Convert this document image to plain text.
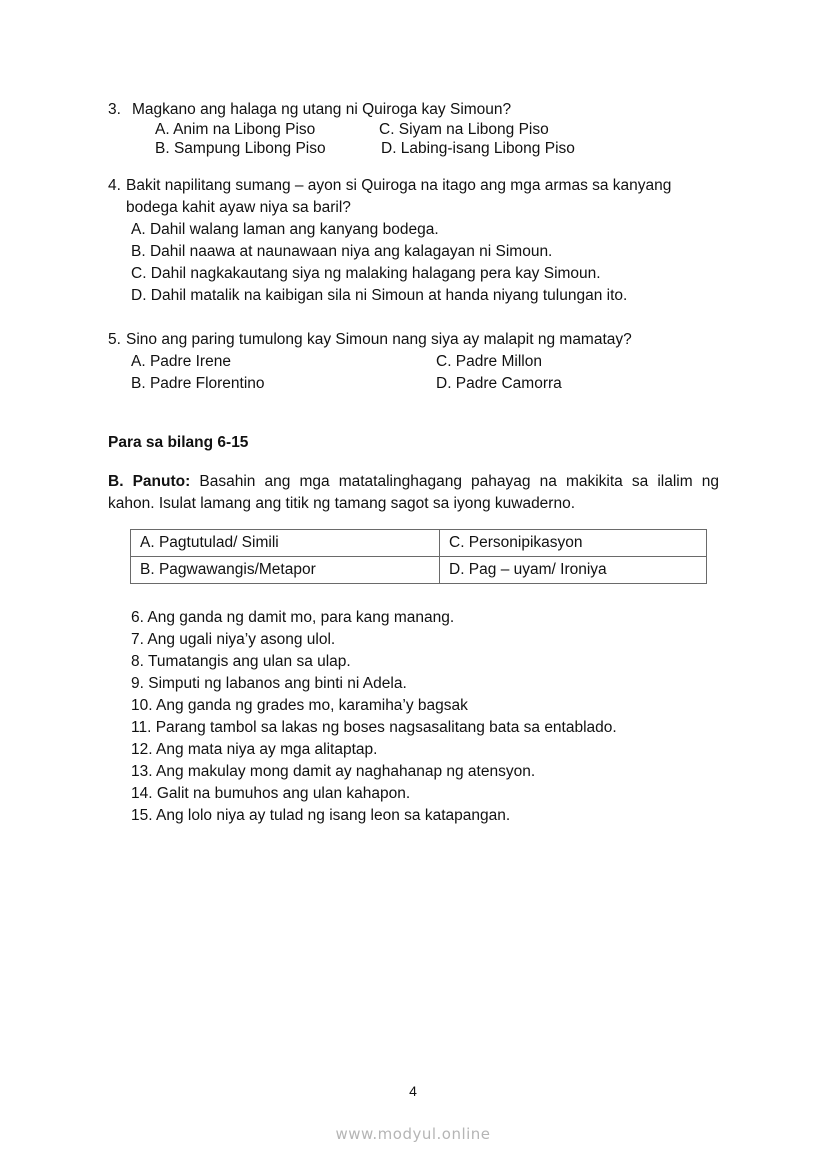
3. Magkano ang halaga ng utang ni Quiroga kay Simoun?
A. Anim na Libong Piso	C. Siyam na Libong Piso
B. Sampung Libong Piso	D. Labing-isang Libong Piso
4. Bakit napilitang sumang – ayon si Quiroga na itago ang mga armas sa kanyang
bodega kahit ayaw niya sa baril?
A. Dahil walang laman ang kanyang bodega.
B. Dahil naawa at naunawaan niya ang kalagayan ni Simoun.
C. Dahil nagkakautang siya ng malaking halagang pera kay Simoun.
D. Dahil matalik na kaibigan sila ni Simoun at handa niyang tulungan ito.
5. Sino ang paring tumulong kay Simoun nang siya ay malapit ng mamatay?
A. Padre Irene	C. Padre Millon
B. Padre Florentino	D. Padre Camorra
Para sa bilang 6-15
B. Panuto: Basahin ang mga matatalinghagang pahayag na makikita sa ilalim ng
kahon. Isulat lamang ang titik ng tamang sagot sa iyong kuwaderno.
A. Pagtutulad/ Simili	C. Personipikasyon
B. Pagwawangis/Metapor	D. Pag – uyam/ Ironiya
6. Ang ganda ng damit mo, para kang manang.
7. Ang ugali niya’y asong ulol.
8. Tumatangis ang ulan sa ulap.
9. Simputi ng labanos ang binti ni Adela.
10. Ang ganda ng grades mo, karamiha’y bagsak
11. Parang tambol sa lakas ng boses nagsasalitang bata sa entablado.
12. Ang mata niya ay mga alitaptap.
13. Ang makulay mong damit ay naghahanap ng atensyon.
14. Galit na bumuhos ang ulan kahapon.
15. Ang lolo niya ay tulad ng isang leon sa katapangan.
4
www.modyul.online
